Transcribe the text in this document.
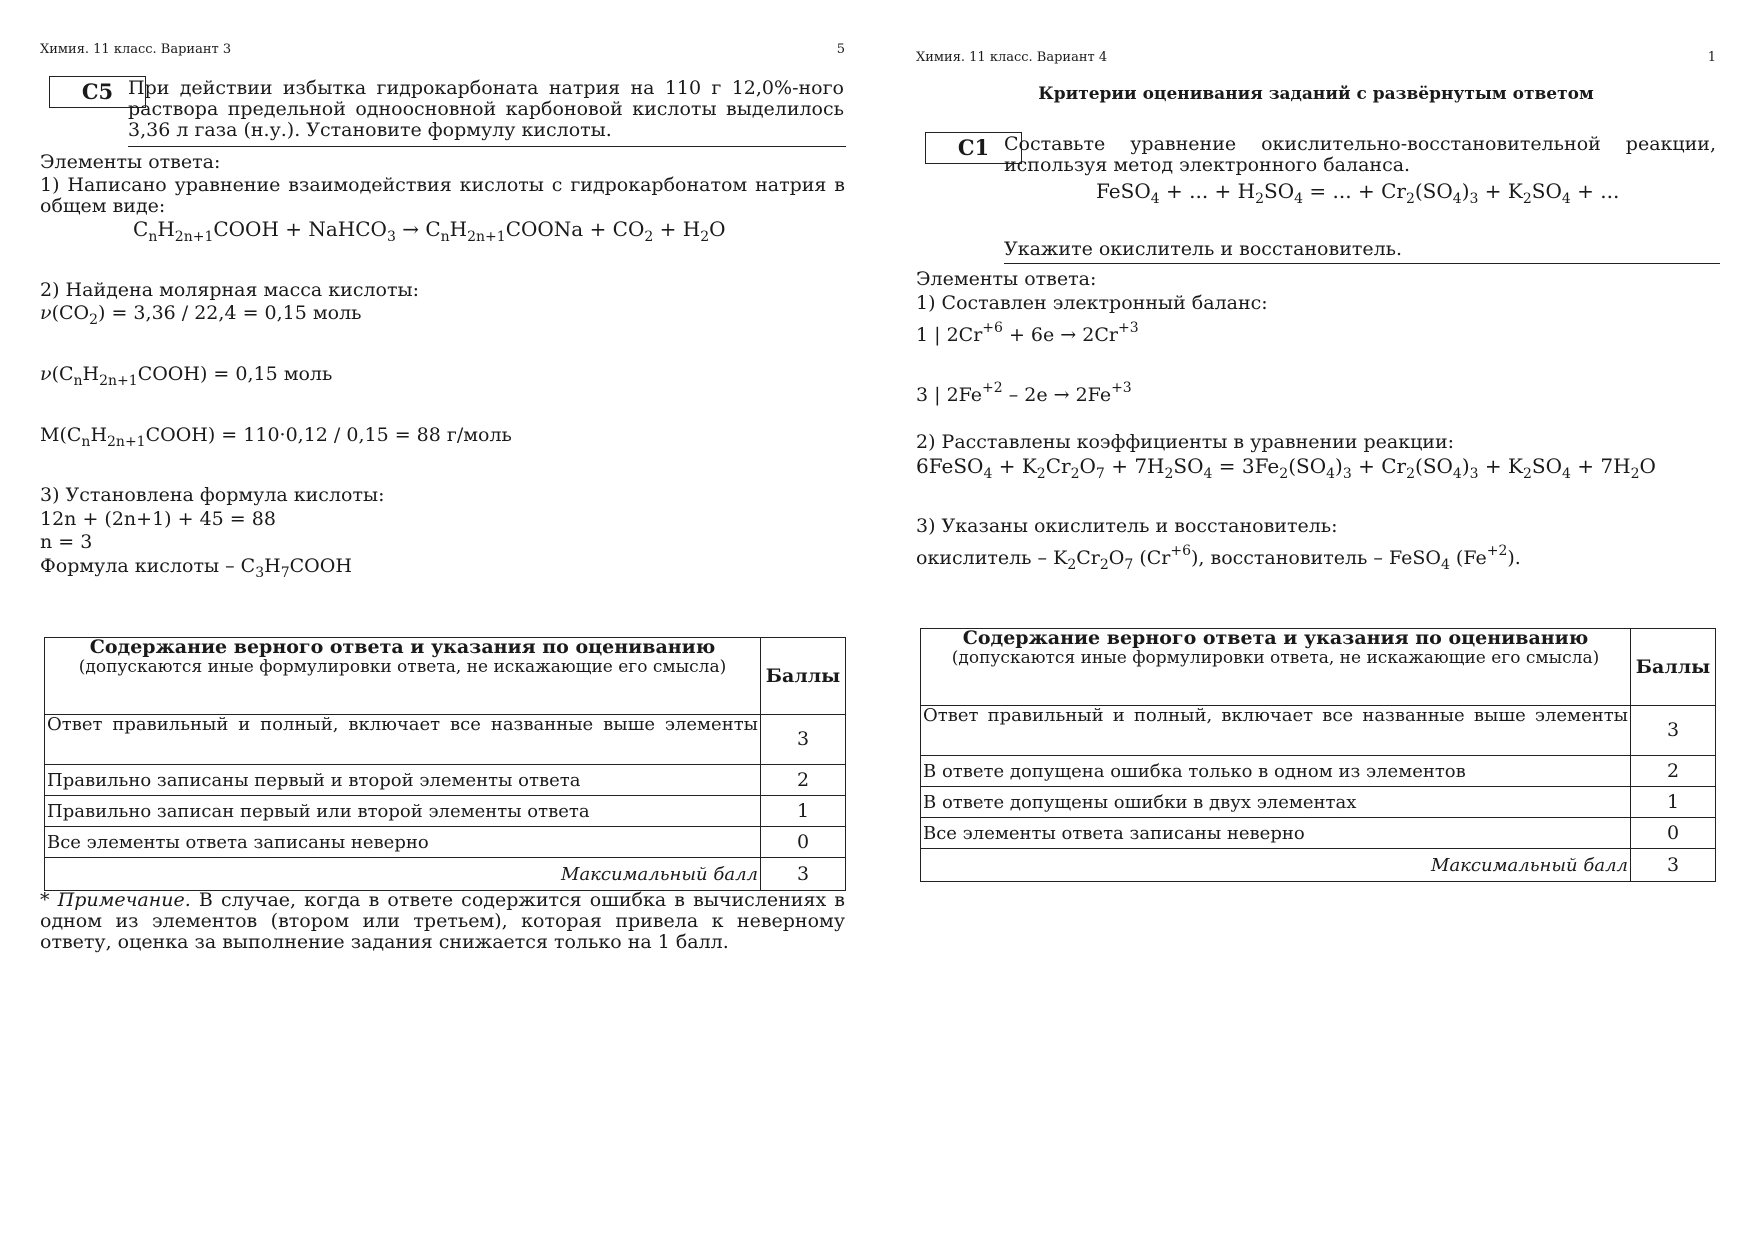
Химия. 11 класс. Вариант 3	5
C5 При действии избытка гидрокарбоната натрия на 110 г 12,0%-ного раствора предельной одноосновной карбоновой кислоты выделилось 3,36 л газа (н.у.). Установите формулу кислоты.
Элементы ответа:
1) Написано уравнение взаимодействия кислоты с гидрокарбонатом натрия в общем виде:
$C_nH_{2n+1}COOH$ + NaHCO$_3$ → $C_nH_{2n+1}COONa + CO_2 + H_2O$
2) Найдена молярная масса кислоты:
$\nu(CO_2) = 3,36 / 22,4 = 0,15$ моль
$\nu(C_nH_{2n+1}COOH) = 0,15$ моль
$M(C_nH_{2n+1}COOH) = 110\cdot 0,12 / 0,15 = 88$ г/моль
3) Установлена формула кислоты:
12n + (2n+1) + 45 = 88
n = 3
Формула кислоты – $C_3H_7COOH$
Содержание верного ответа и указания по оцениванию
(допускаются иные формулировки ответа, не искажающие его смысла)	Баллы
Ответ правильный и полный, включает все названные выше элементы	3
Правильно записаны первый и второй элементы ответа	2
Правильно записан первый или второй элементы ответа	1
Все элементы ответа записаны неверно	0
Максимальный балл	3
* Примечание. В случае, когда в ответе содержится ошибка в вычислениях в одном из элементов (втором или третьем), которая привела к неверному ответу, оценка за выполнение задания снижается только на 1 балл.
Химия. 11 класс. Вариант 4	1
Критерии оценивания заданий с развёрнутым ответом
C1 Составьте уравнение окислительно-восстановительной реакции, используя метод электронного баланса.
FeSO$_4$ + ... + $H_2SO_4$ = ... + $Cr_2(SO_4)_3 + K_2SO_4$ + ...
Укажите окислитель и восстановитель.
Элементы ответа:
1) Составлен электронный баланс:
1 | $2Cr^{+6} + 6e \to 2Cr^{+3}$
3 | $2Fe^{+2} - 2e \to 2Fe^{+3}$
2) Расставлены коэффициенты в уравнении реакции:
6FeSO$_4$ + $K_2Cr_2O_7 + 7H_2SO_4 = 3Fe_2(SO_4)_3 + Cr_2(SO_4)_3 + K_2SO_4 + 7H_2O$
3) Указаны окислитель и восстановитель:
окислитель – $K_2Cr_2O_7$ $(Cr^{+6})$, восстановитель – FeSO$_4$ $(Fe^{+2})$.
Содержание верного ответа и указания по оцениванию
(допускаются иные формулировки ответа, не искажающие его смысла)	Баллы
Ответ правильный и полный, включает все названные выше элементы	3
В ответе допущена ошибка только в одном из элементов	2
В ответе допущены ошибки в двух элементах	1
Все элементы ответа записаны неверно	0
Максимальный балл	3
